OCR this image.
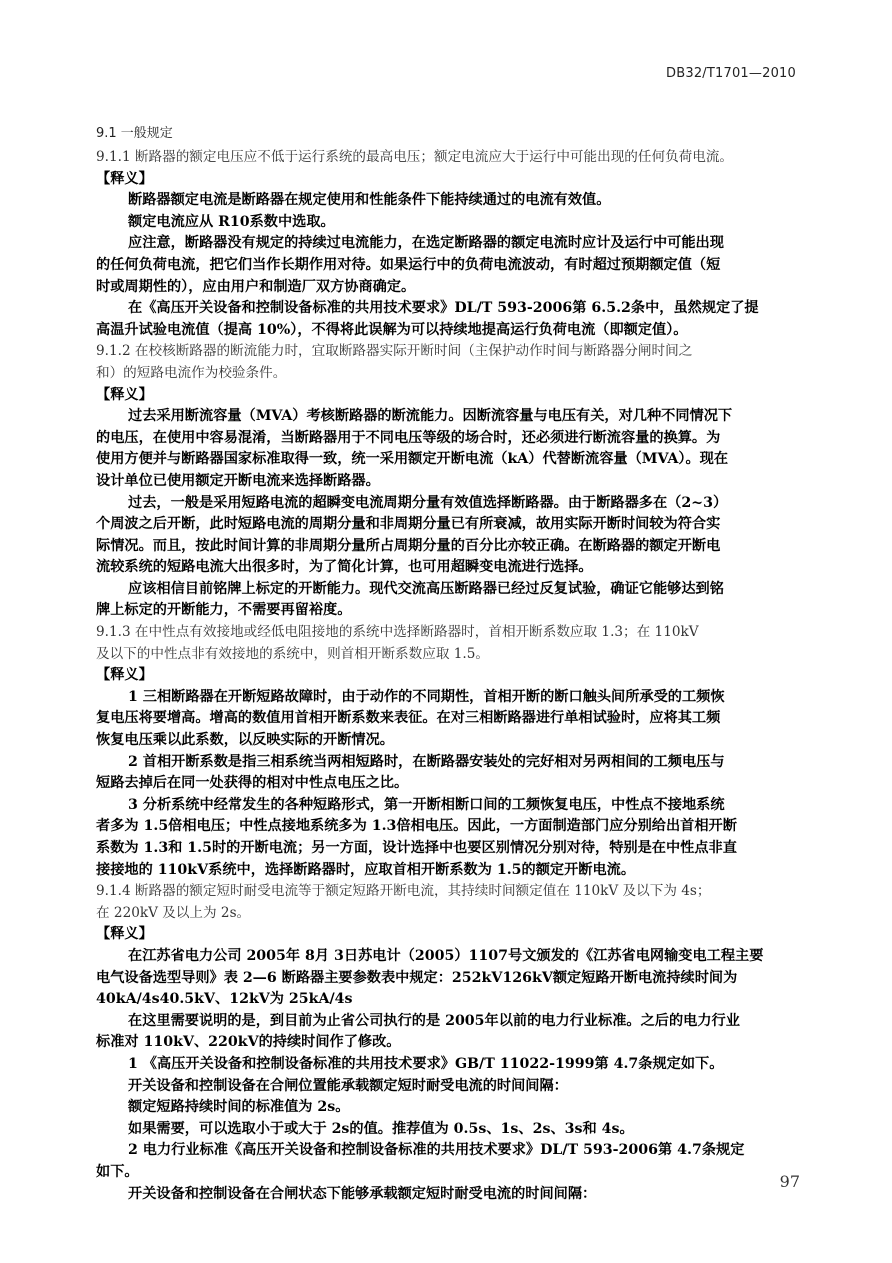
DB32/T1701—2010
9.1 一般规定

9.1.1 断路器的额定电压应不低于运行系统的最高电压；额定电流应大于运行中可能出现的任何负荷电流。

【释义】

断路器额定电流是断路器在规定使用和性能条件下能持续通过的电流有效值。

额定电流应从 R10系数中选取。

应注意，断路器没有规定的持续过电流能力，在选定断路器的额定电流时应计及运行中可能出现

的任何负荷电流，把它们当作长期作用对待。如果运行中的负荷电流波动，有时超过预期额定值（短

时或周期性的），应由用户和制造厂双方协商确定。

在《高压开关设备和控制设备标准的共用技术要求》DL/T 593-2006第 6.5.2条中，虽然规定了提

高温升试验电流值（提高 10%），不得将此误解为可以持续地提高运行负荷电流（即额定值）。

9.1.2 在校核断路器的断流能力时，宜取断路器实际开断时间（主保护动作时间与断路器分闸时间之

和）的短路电流作为校验条件。

【释义】

过去采用断流容量（MVA）考核断路器的断流能力。因断流容量与电压有关，对几种不同情况下

的电压，在使用中容易混淆，当断路器用于不同电压等级的场合时，还必须进行断流容量的换算。为

使用方便并与断路器国家标准取得一致，统一采用额定开断电流（kA）代替断流容量（MVA）。现在

设计单位已使用额定开断电流来选择断路器。

过去，一般是采用短路电流的超瞬变电流周期分量有效值选择断路器。由于断路器多在（2~3）

个周波之后开断，此时短路电流的周期分量和非周期分量已有所衰减，故用实际开断时间较为符合实

际情况。而且，按此时间计算的非周期分量所占周期分量的百分比亦较正确。在断路器的额定开断电

流较系统的短路电流大出很多时，为了简化计算，也可用超瞬变电流进行选择。

应该相信目前铭牌上标定的开断能力。现代交流高压断路器已经过反复试验，确证它能够达到铭

牌上标定的开断能力，不需要再留裕度。

9.1.3 在中性点有效接地或经低电阻接地的系统中选择断路器时，首相开断系数应取 1.3；在 110kV

及以下的中性点非有效接地的系统中，则首相开断系数应取 1.5。

【释义】

1 三相断路器在开断短路故障时，由于动作的不同期性，首相开断的断口触头间所承受的工频恢

复电压将要增高。增高的数值用首相开断系数来表征。在对三相断路器进行单相试验时，应将其工频

恢复电压乘以此系数，以反映实际的开断情况。

2 首相开断系数是指三相系统当两相短路时，在断路器安装处的完好相对另两相间的工频电压与

短路去掉后在同一处获得的相对中性点电压之比。

3 分析系统中经常发生的各种短路形式，第一开断相断口间的工频恢复电压，中性点不接地系统

者多为 1.5倍相电压；中性点接地系统多为 1.3倍相电压。因此，一方面制造部门应分别给出首相开断

系数为 1.3和 1.5时的开断电流；另一方面，设计选择中也要区别情况分别对待，特别是在中性点非直

接接地的 110kV系统中，选择断路器时，应取首相开断系数为 1.5的额定开断电流。

9.1.4 断路器的额定短时耐受电流等于额定短路开断电流，其持续时间额定值在 110kV 及以下为 4s；

在 220kV 及以上为 2s。

【释义】

在江苏省电力公司 2005年 8月 3日苏电计（2005）1107号文颁发的《江苏省电网输变电工程主要

电气设备选型导则》表 2—6 断路器主要参数表中规定：252kV126kV额定短路开断电流持续时间为

40kA/4s40.5kV、12kV为 25kA/4s

在这里需要说明的是，到目前为止省公司执行的是 2005年以前的电力行业标准。之后的电力行业

标准对 110kV、220kV的持续时间作了修改。

1 《高压开关设备和控制设备标准的共用技术要求》GB/T 11022-1999第 4.7条规定如下。

开关设备和控制设备在合闸位置能承载额定短时耐受电流的时间间隔：

额定短路持续时间的标准值为 2s。

如果需要，可以选取小于或大于 2s的值。推荐值为 0.5s、1s、2s、3s和 4s。

2 电力行业标准《高压开关设备和控制设备标准的共用技术要求》DL/T 593-2006第 4.7条规定

如下。

开关设备和控制设备在合闸状态下能够承载额定短时耐受电流的时间间隔：

97
